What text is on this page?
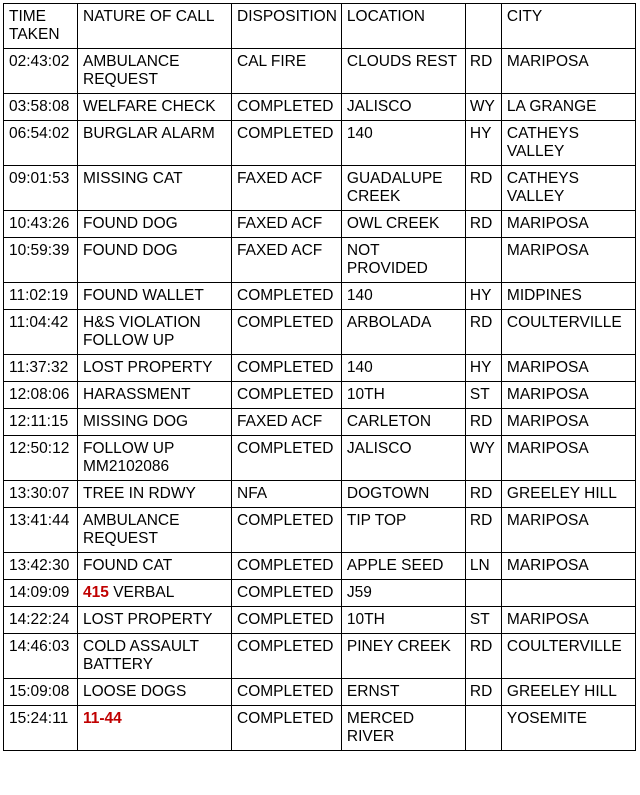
TIME TAKEN	NATURE OF CALL	DISPOSITION	LOCATION		CITY
02:43:02	AMBULANCE REQUEST	CAL FIRE	CLOUDS REST	RD	MARIPOSA
03:58:08	WELFARE CHECK	COMPLETED	JALISCO	WY	LA GRANGE
06:54:02	BURGLAR ALARM	COMPLETED	140	HY	CATHEYS VALLEY
09:01:53	MISSING CAT	FAXED ACF	GUADALUPE CREEK	RD	CATHEYS VALLEY
10:43:26	FOUND DOG	FAXED ACF	OWL CREEK	RD	MARIPOSA
10:59:39	FOUND DOG	FAXED ACF	NOT PROVIDED		MARIPOSA
11:02:19	FOUND WALLET	COMPLETED	140	HY	MIDPINES
11:04:42	H&S VIOLATION FOLLOW UP	COMPLETED	ARBOLADA	RD	COULTERVILLE
11:37:32	LOST PROPERTY	COMPLETED	140	HY	MARIPOSA
12:08:06	HARASSMENT	COMPLETED	10TH	ST	MARIPOSA
12:11:15	MISSING DOG	FAXED ACF	CARLETON	RD	MARIPOSA
12:50:12	FOLLOW UP MM2102086	COMPLETED	JALISCO	WY	MARIPOSA
13:30:07	TREE IN RDWY	NFA	DOGTOWN	RD	GREELEY HILL
13:41:44	AMBULANCE REQUEST	COMPLETED	TIP TOP	RD	MARIPOSA
13:42:30	FOUND CAT	COMPLETED	APPLE SEED	LN	MARIPOSA
14:09:09	415 VERBAL	COMPLETED	J59		
14:22:24	LOST PROPERTY	COMPLETED	10TH	ST	MARIPOSA
14:46:03	COLD ASSAULT BATTERY	COMPLETED	PINEY CREEK	RD	COULTERVILLE
15:09:08	LOOSE DOGS	COMPLETED	ERNST	RD	GREELEY HILL
15:24:11	11-44	COMPLETED	MERCED RIVER		YOSEMITE
